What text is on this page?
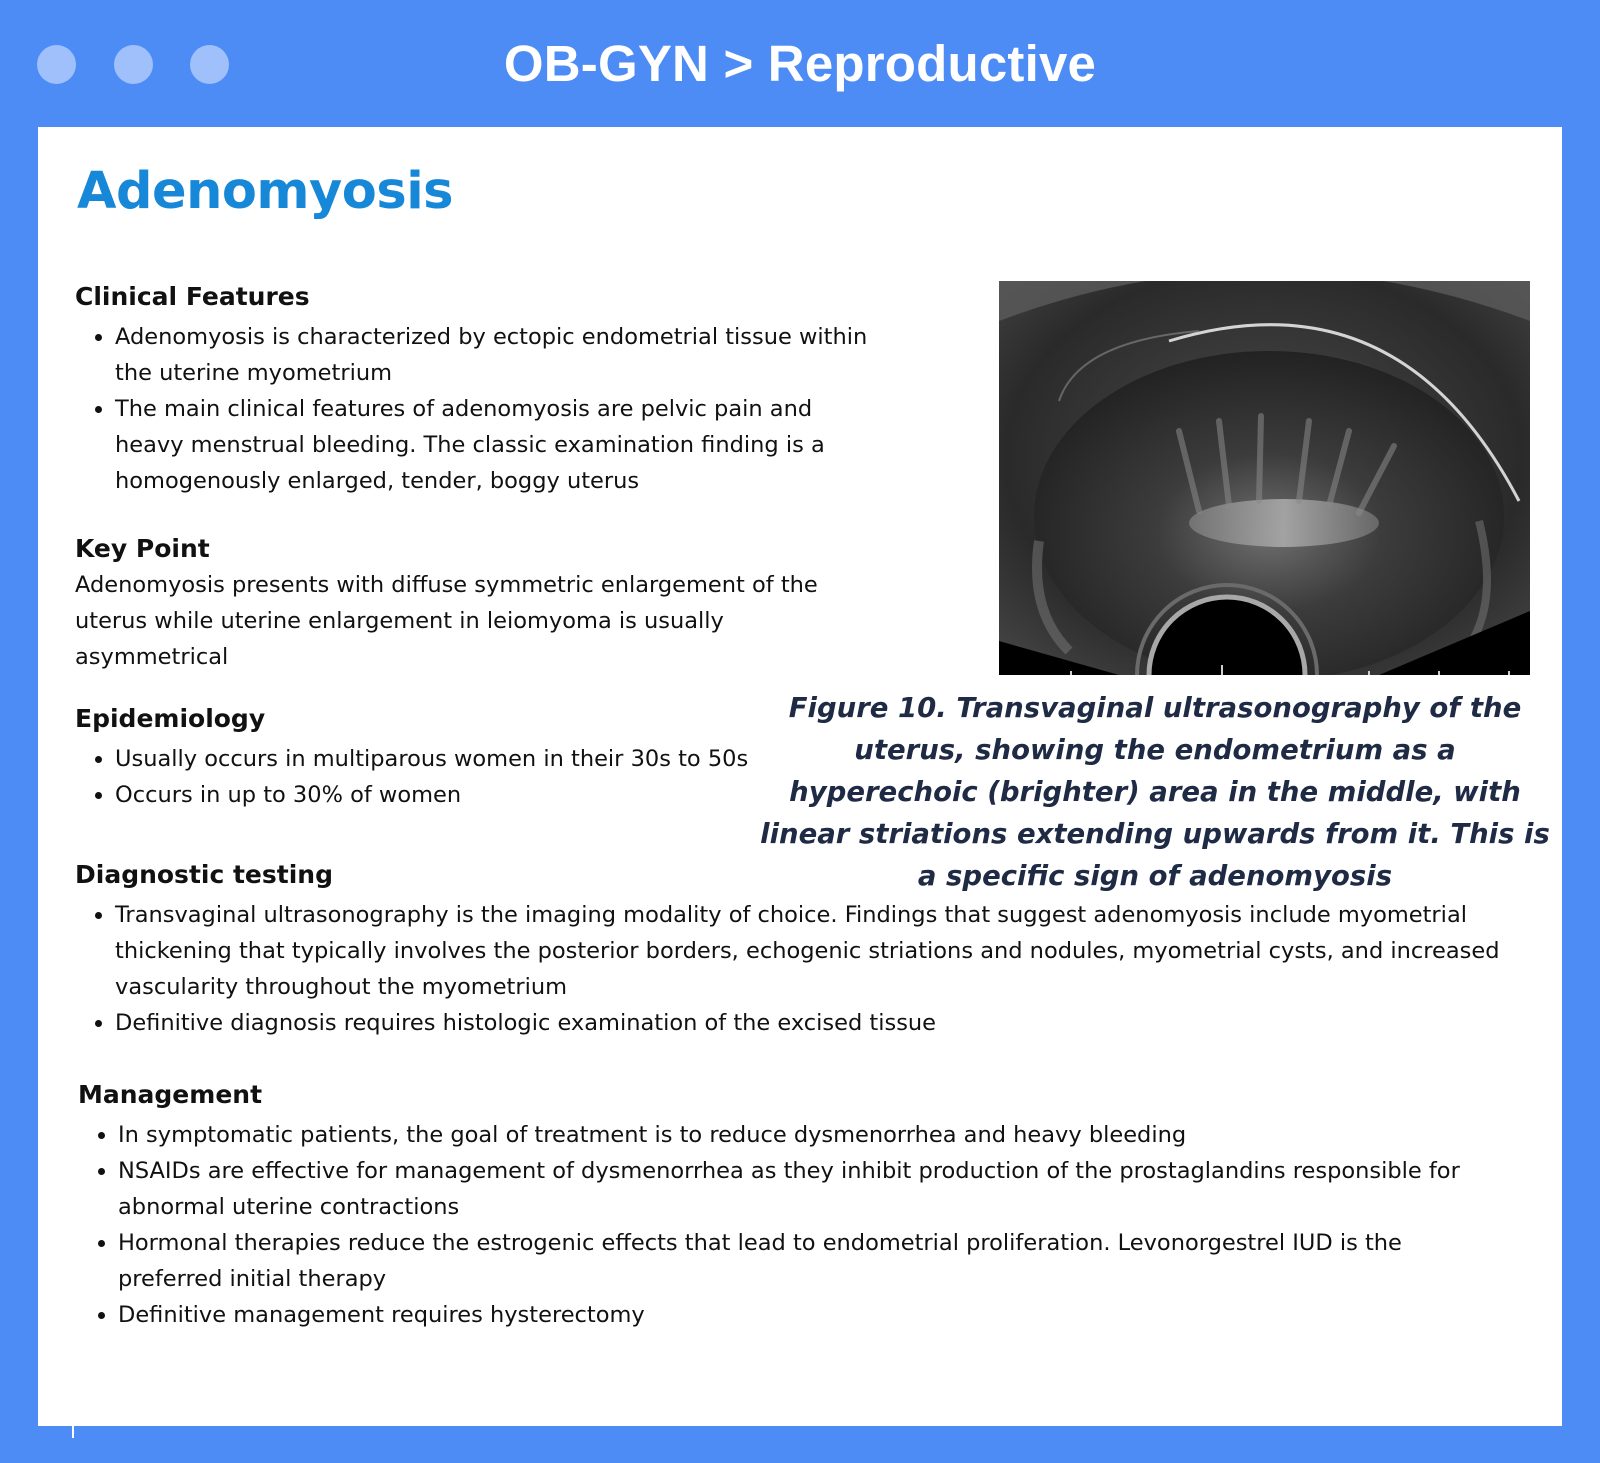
OB-GYN > Reproductive
Adenomyosis
Clinical Features
Adenomyosis is characterized by ectopic endometrial tissue within the uterine myometrium
The main clinical features of adenomyosis are pelvic pain and heavy menstrual bleeding. The classic examination finding is a homogenously enlarged, tender, boggy uterus
Key Point

Adenomyosis presents with diffuse symmetric enlargement of the uterus while uterine enlargement in leiomyoma is usually asymmetrical

Epidemiology
Usually occurs in multiparous women in their 30s to 50s
Occurs in up to 30% of women
Diagnostic testing
Transvaginal ultrasonography is the imaging modality of choice. Findings that suggest adenomyosis include myometrial thickening that typically involves the posterior borders, echogenic striations and nodules, myometrial cysts, and increased vascularity throughout the myometrium
Definitive diagnosis requires histologic examination of the excised tissue
Management
In symptomatic patients, the goal of treatment is to reduce dysmenorrhea and heavy bleeding
NSAIDs are effective for management of dysmenorrhea as they inhibit production of the prostaglandins responsible for abnormal uterine contractions
Hormonal therapies reduce the estrogenic effects that lead to endometrial proliferation. Levonorgestrel IUD is the preferred initial therapy
Definitive management requires hysterectomy
Figure 10. Transvaginal ultrasonography of the uterus, showing the endometrium as a hyperechoic (brighter) area in the middle, with linear striations extending upwards from it. This is a specific sign of adenomyosis
